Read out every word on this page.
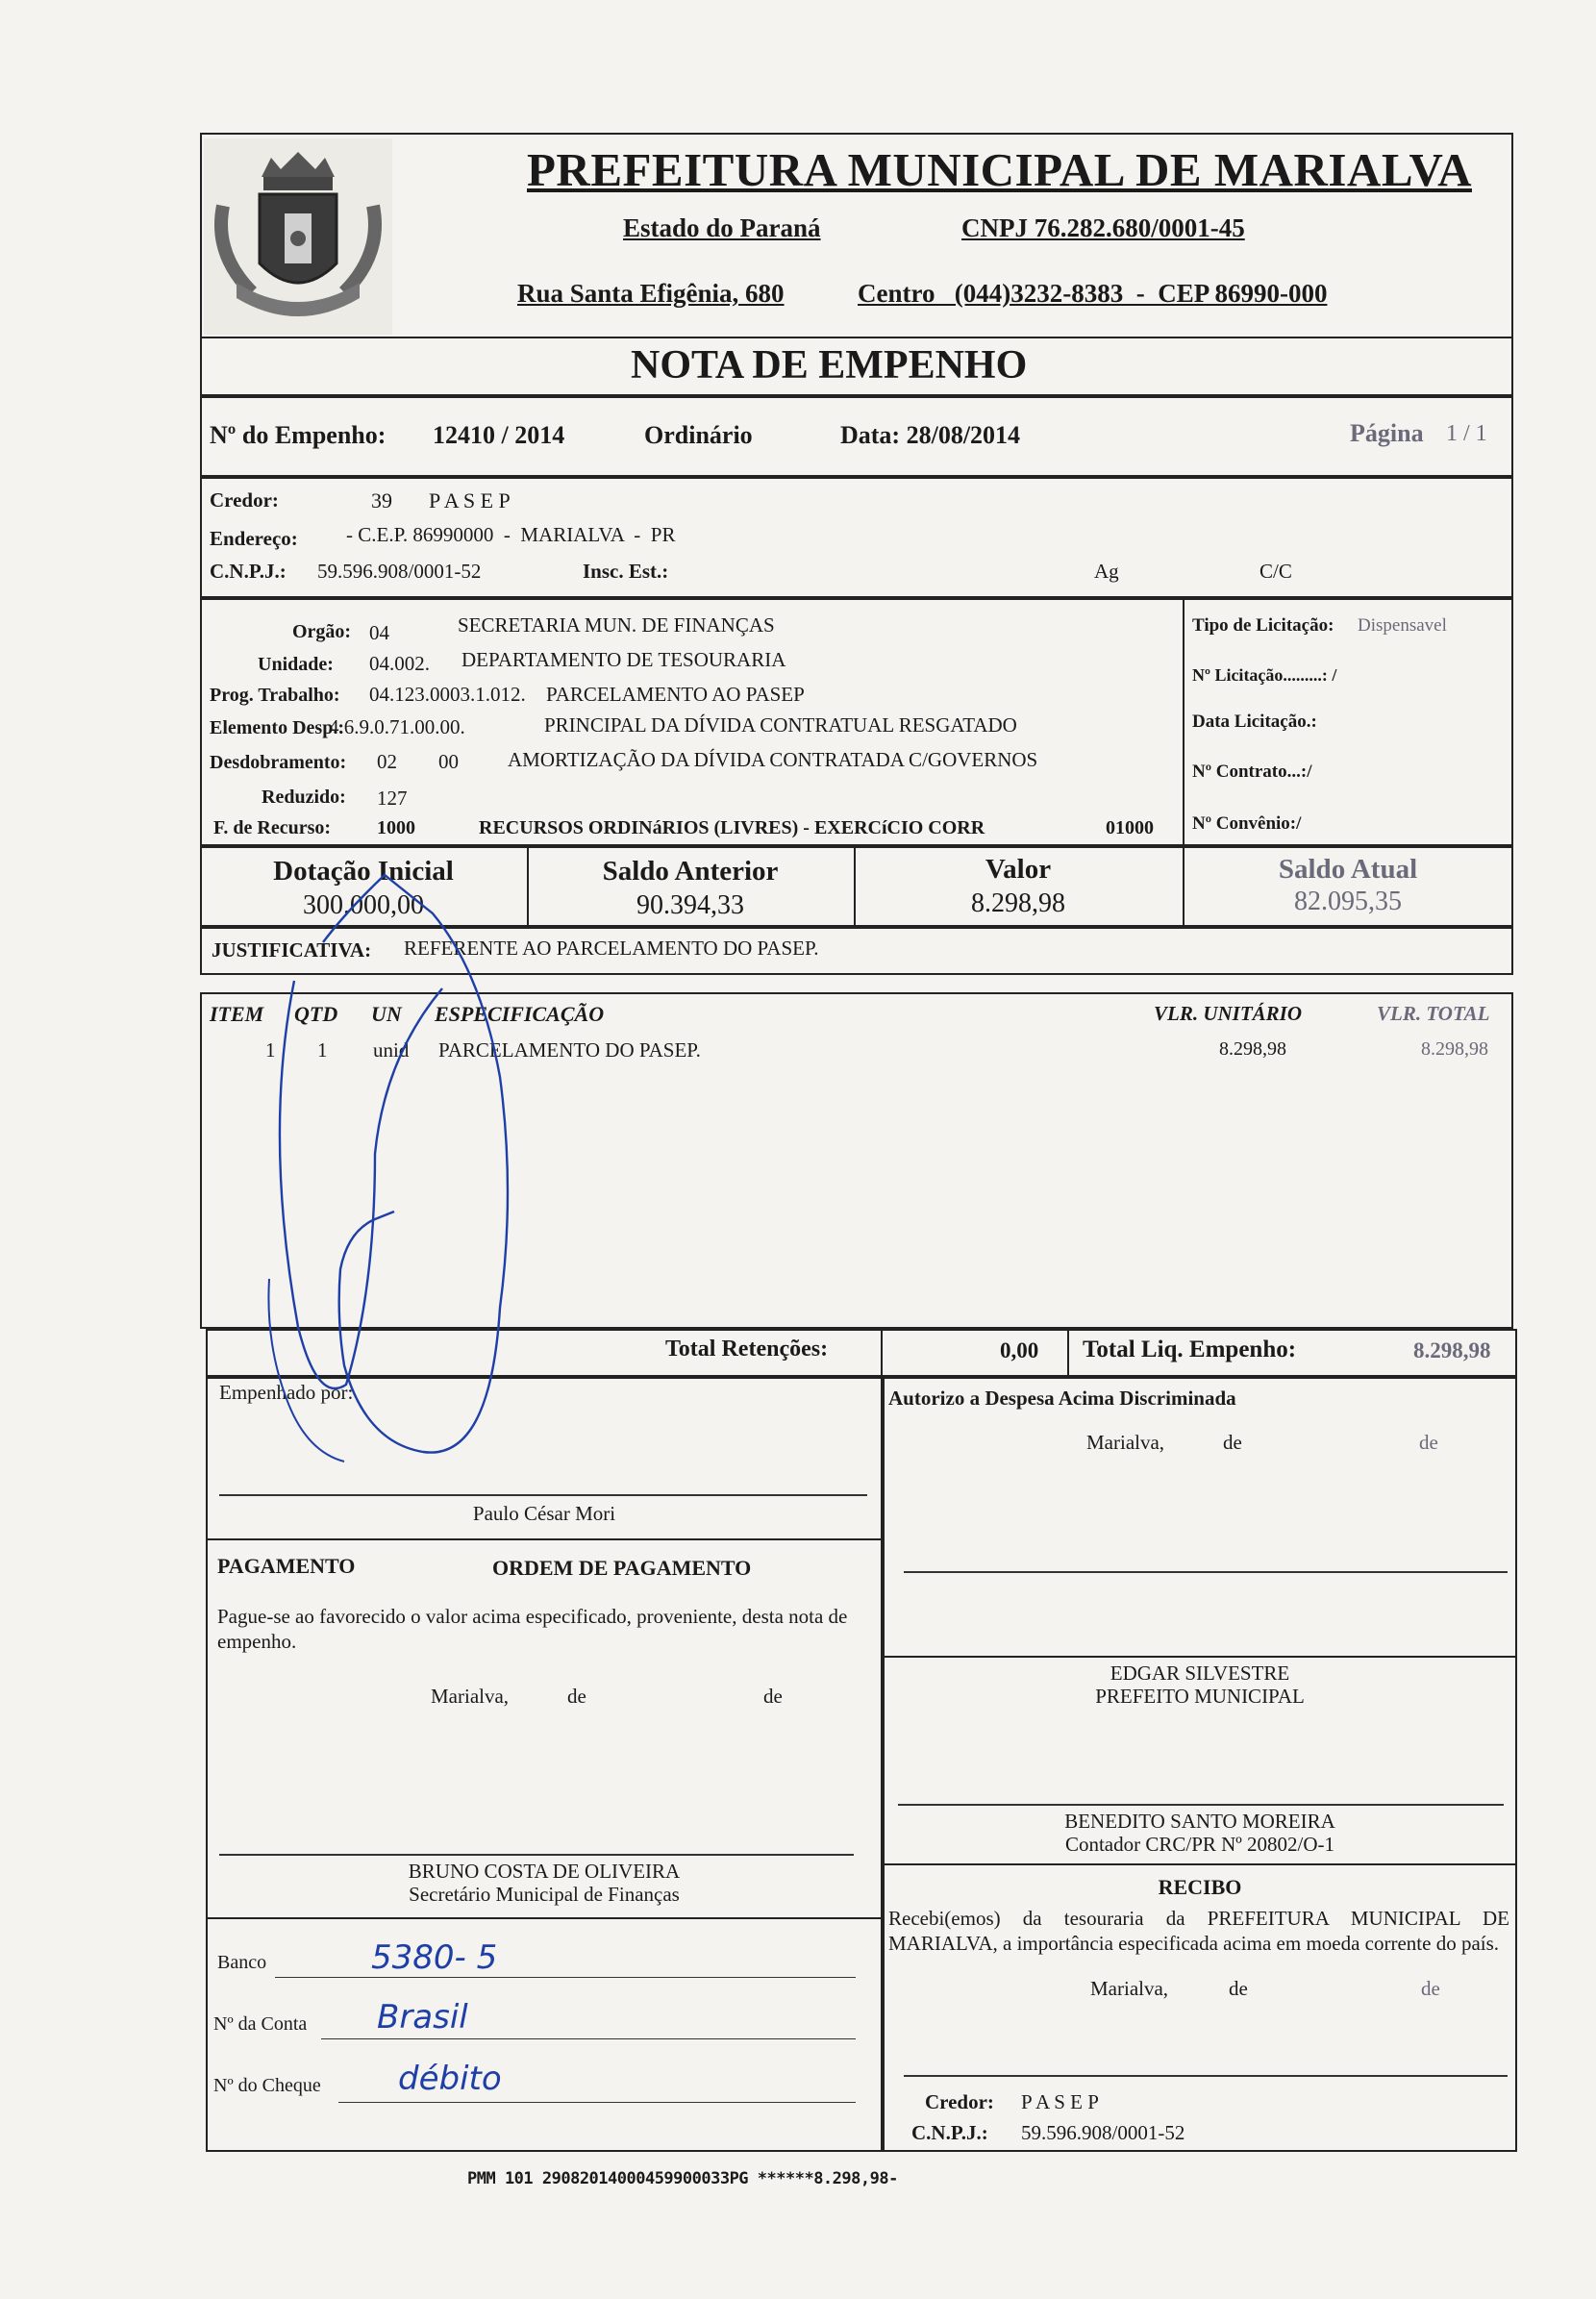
PREFEITURA MUNICIPAL DE MARIALVA
Estado do Paraná	CNPJ 76.282.680/0001-45
Rua Santa Efigênia, 680	Centro   (044)3232-8383  -  CEP 86990-000
NOTA DE EMPENHO
Nº do Empenho: 12410 / 2014	Ordinário	Data: 28/08/2014	Página 1 / 1
Credor:	39 P A S E P
Endereço: - C.E.P. 86990000  -  MARIALVA  -  PR
C.N.P.J.: 59.596.908/0001-52	Insc. Est.:	Ag	C/C
Orgão: 04	SECRETARIA MUN. DE FINANÇAS
Unidade: 04.002. DEPARTAMENTO DE TESOURARIA
Prog. Trabalho: 04.123.0003.1.012. PARCELAMENTO AO PASEP
Elemento Desp.:
4.6.9.0.71.00.00.	PRINCIPAL DA DÍVIDA CONTRATUAL RESGATADO
Desdobramento: 02 00 AMORTIZAÇÃO DA DÍVIDA CONTRATADA C/GOVERNOS
Reduzido: 127
F. de Recurso: 1000	RECURSOS ORDINáRIOS (LIVRES) - EXERCíCIO CORR	01000
Tipo de Licitação: Dispensavel
Nº Licitação.........: /
Data Licitação.:
Nº Contrato...:/
Nº Convênio:/
Dotação Inicial
300.000,00
Saldo Anterior
90.394,33
Valor
8.298,98
Saldo Atual
82.095,35
JUSTIFICATIVA: REFERENTE AO PARCELAMENTO DO PASEP.
ITEM QTD UN ESPECIFICAÇÃO	VLR. UNITÁRIO	VLR. TOTAL
1 1 unid PARCELAMENTO DO PASEP.	8.298,98	8.298,98
Total Retenções:	0,00 Total Liq. Empenho:	8.298,98
Empenhado por:
Paulo César Mori
PAGAMENTO	ORDEM DE PAGAMENTO
Pague-se ao favorecido o valor acima especificado, proveniente, desta nota de empenho.
Marialva,	de	de
BRUNO COSTA DE OLIVEIRA
Secretário Municipal de Finanças
Banco	5380- 5
Nº da Conta Brasil
Nº do Cheque débito
Autorizo a Despesa Acima Discriminada
Marialva,	de	de
EDGAR SILVESTRE
PREFEITO MUNICIPAL
BENEDITO SANTO MOREIRA
Contador CRC/PR Nº 20802/O-1
RECIBO
Recebi(emos) da tesouraria da PREFEITURA MUNICIPAL DE MARIALVA, a importância especificada acima em moeda corrente do país.
Marialva,	de	de
Credor: P A S E P
C.N.P.J.: 59.596.908/0001-52
PMM 101 29082014000459900033PG ******8.298,98-
